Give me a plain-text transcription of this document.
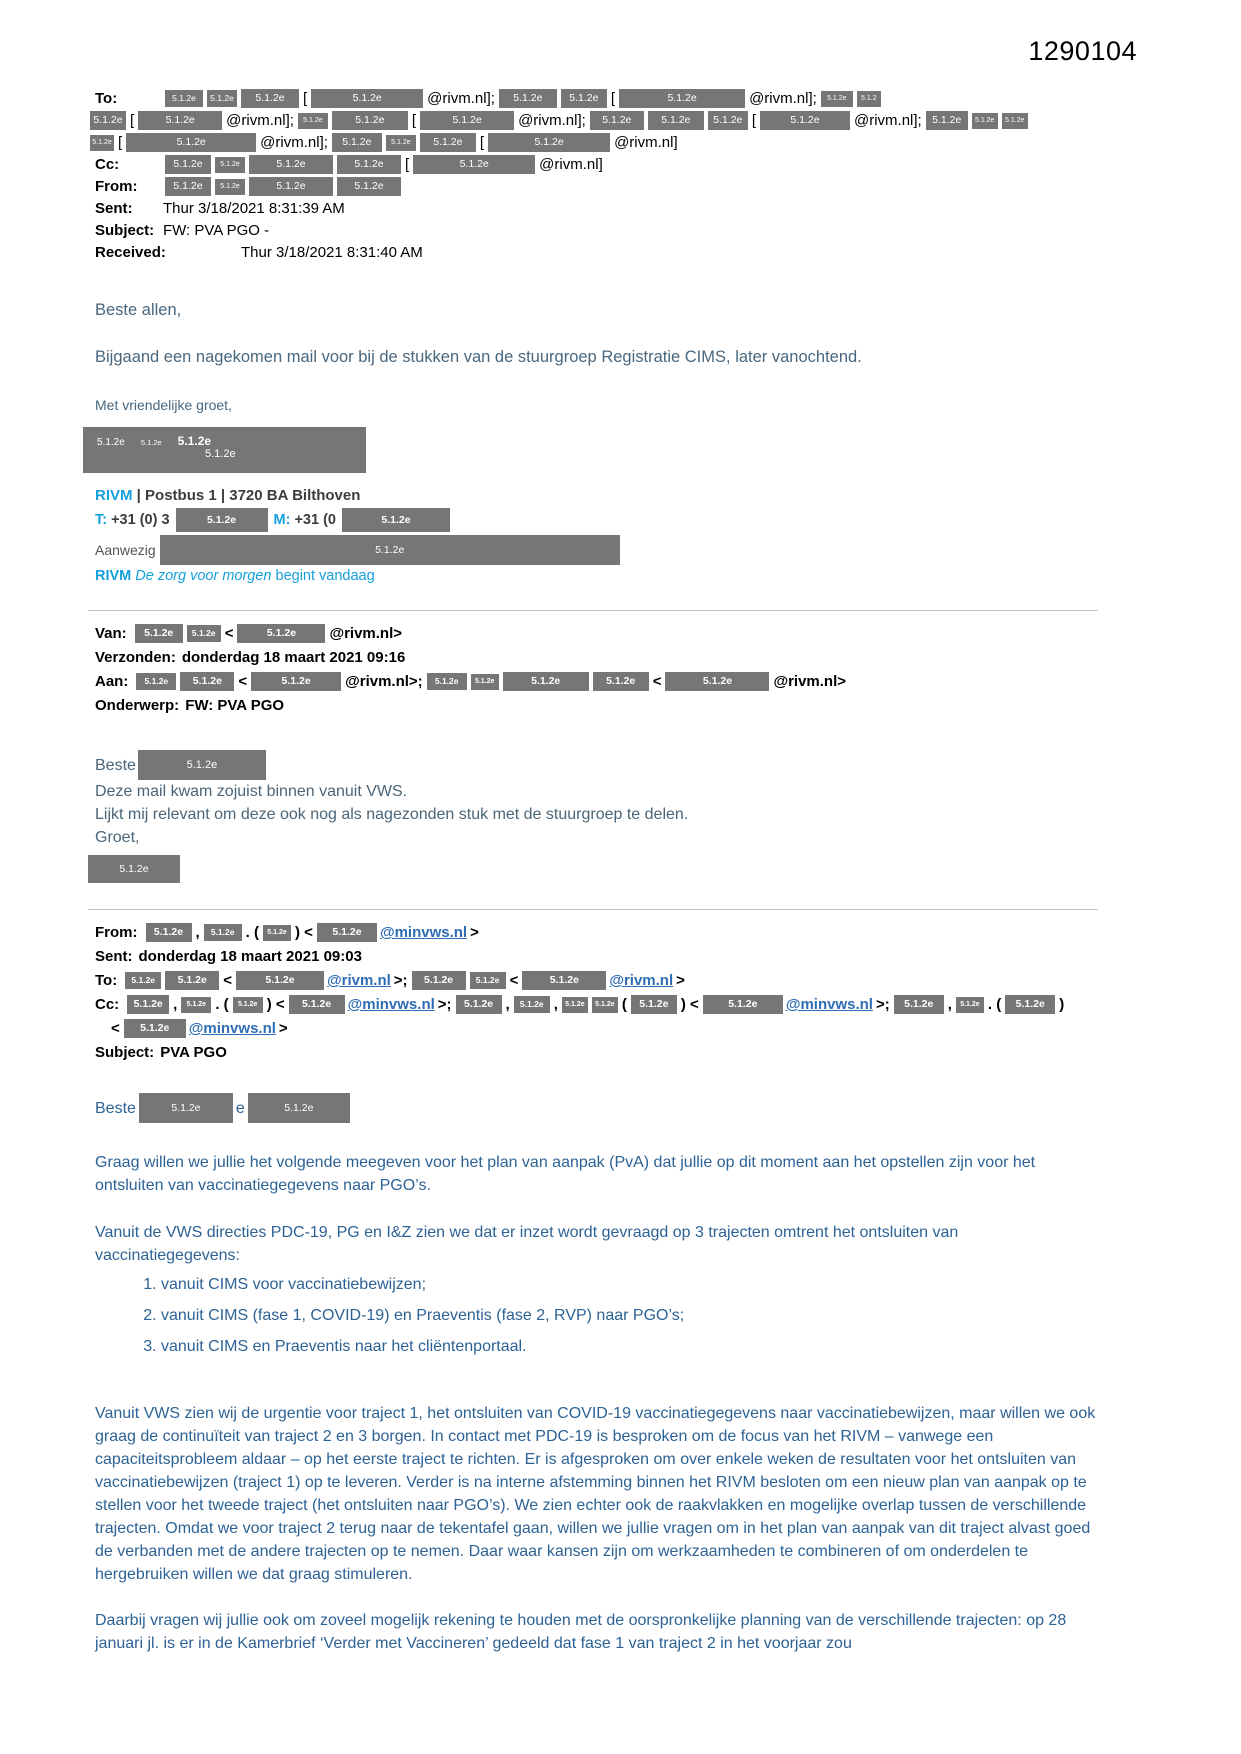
1290104
To:	5.1.2e	5.1.2e	5.1.2e	[	5.1.2e	@rivm.nl];	5.1.2e	5.1.2e [	5.1.2e	@rivm.nl];	5.1.2e	5.1.2
5.1.2e [	5.1.2e	@rivm.nl];	5.1.2e	5.1.2e	[	5.1.2e	@rivm.nl];	5.1.2e	5.1.2e	5.1.2e [	5.1.2e	@rivm.nl]; 5.1.2e	5.1.2e	5.1.2e
5.1.2e [	5.1.2e	@rivm.nl];	5.1.2e	5.1.2e	5.1.2e	[	5.1.2e	@rivm.nl]
Cc:	5.1.2e	5.1.2e	5.1.2e	5.1.2e	[	5.1.2e	@rivm.nl]
From:	5.1.2e	5.1.2e	5.1.2e	5.1.2e
Sent:	Thur 3/18/2021 8:31:39 AM
Subject: FW: PVA PGO -
Received:	Thur 3/18/2021 8:31:40 AM

Beste allen,

Bijgaand een nagekomen mail voor bij de stukken van de stuurgroep Registratie CIMS, later vanochtend.

Met vriendelijke groet,

5.1.2e 5.1.2e 5.1.2e
5.1.2e
RIVM | Postbus 1 | 3720 BA Bilthoven
T: +31 (0) 3	5.1.2e	M: +31 (0	5.1.2e
Aanwezig	5.1.2e
RIVM De zorg voor morgen begint vandaag
Van:	5.1.2e	5.1.2e <	5.1.2e	@rivm.nl>
Verzonden: donderdag 18 maart 2021 09:16
Aan:	5.1.2e	5.1.2e	<	5.1.2e	@rivm.nl>;	5.1.2e	5.1.2e	5.1.2e	5.1.2e	<	5.1.2e	@rivm.nl>
Onderwerp: FW: PVA PGO
Beste	5.1.2e

Deze mail kwam zojuist binnen vanuit VWS.

Lijkt mij relevant om deze ook nog als nagezonden stuk met de stuurgroep te delen.

Groet,

5.1.2e
From:	5.1.2e ,	5.1.2e . (	5.1.2e ) <	5.1.2e	@minvws.nl >
Sent: donderdag 18 maart 2021 09:03
To:	5.1.2e	5.1.2e	<	5.1.2e	@rivm.nl >;	5.1.2e	5.1.2e <	5.1.2e	@rivm.nl >
Cc:	5.1.2e ,	5.1.2e . (	5.1.2e ) <	5.1.2e	@minvws.nl >;	5.1.2e ,	5.1.2e ,	5.1.2e	5.1.2e (	5.1.2e ) <	5.1.2e	@minvws.nl >;	5.1.2e ,	5.1.2e . (	5.1.2e )
<	5.1.2e	@minvws.nl >
Subject: PVA PGO
Beste	5.1.2e	e	5.1.2e

Graag willen we jullie het volgende meegeven voor het plan van aanpak (PvA) dat jullie op dit moment aan het opstellen zijn voor het ontsluiten van vaccinatiegegevens naar PGO’s.

Vanuit de VWS directies PDC-19, PG en I&Z zien we dat er inzet wordt gevraagd op 3 trajecten omtrent het ontsluiten van vaccinatiegegevens:

1. vanuit CIMS voor vaccinatiebewijzen;
2. vanuit CIMS (fase 1, COVID-19) en Praeventis (fase 2, RVP) naar PGO’s;
3. vanuit CIMS en Praeventis naar het cliëntenportaal.

Vanuit VWS zien wij de urgentie voor traject 1, het ontsluiten van COVID-19 vaccinatiegegevens naar vaccinatiebewijzen, maar willen we ook graag de continuïteit van traject 2 en 3 borgen. In contact met PDC-19 is besproken om de focus van het RIVM – vanwege een capaciteitsprobleem aldaar – op het eerste traject te richten. Er is afgesproken om over enkele weken de resultaten voor het ontsluiten van vaccinatiebewijzen (traject 1) op te leveren. Verder is na interne afstemming binnen het RIVM besloten om een nieuw plan van aanpak op te stellen voor het tweede traject (het ontsluiten naar PGO’s). We zien echter ook de raakvlakken en mogelijke overlap tussen de verschillende trajecten. Omdat we voor traject 2 terug naar de tekentafel gaan, willen we jullie vragen om in het plan van aanpak van dit traject alvast goed de verbanden met de andere trajecten op te nemen. Daar waar kansen zijn om werkzaamheden te combineren of om onderdelen te hergebruiken willen we dat graag stimuleren.

Daarbij vragen wij jullie ook om zoveel mogelijk rekening te houden met de oorspronkelijke planning van de verschillende trajecten: op 28 januari jl. is er in de Kamerbrief ‘Verder met Vaccineren’ gedeeld dat fase 1 van traject 2 in het voorjaar zou
